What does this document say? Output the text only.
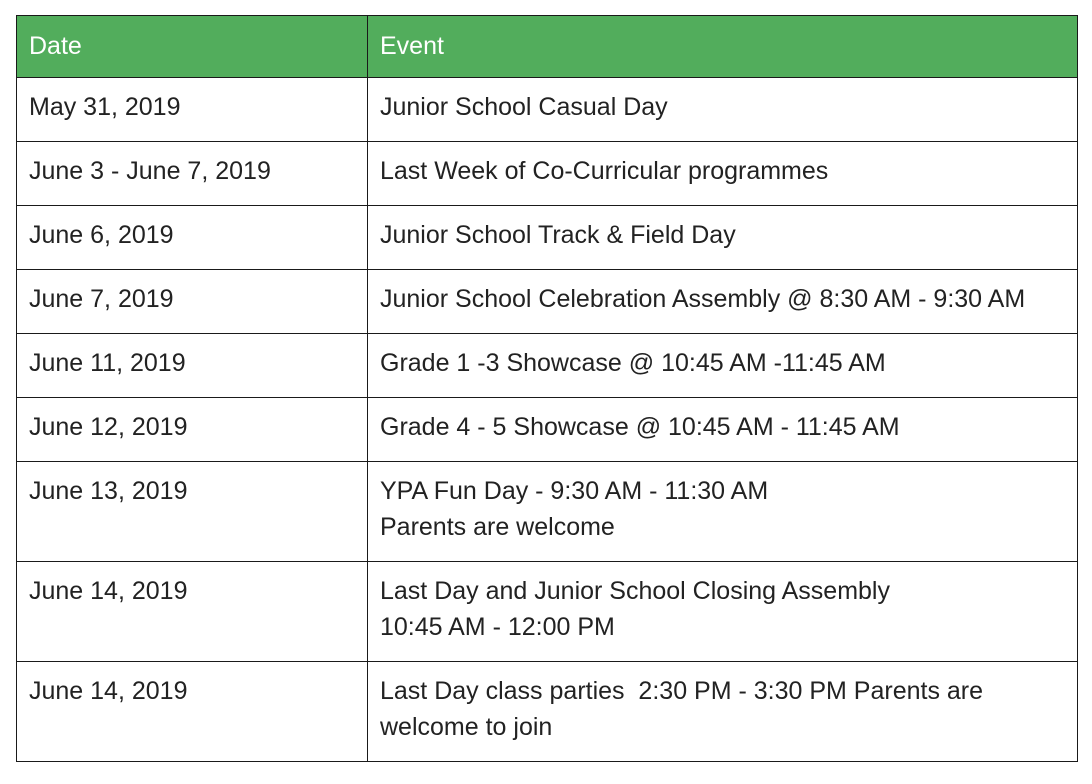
Date	Event
May 31, 2019	Junior School Casual Day

June 3 - June 7, 2019	Last Week of Co-Curricular programmes

June 6, 2019	Junior School Track & Field Day

June 7, 2019	Junior School Celebration Assembly @ 8:30 AM - 9:30 AM

June 11, 2019	Grade 1 -3 Showcase @ 10:45 AM -11:45 AM

June 12, 2019	Grade 4 - 5 Showcase @ 10:45 AM - 11:45 AM

June 13, 2019	YPA Fun Day - 9:30 AM - 11:30 AM
Parents are welcome

June 14, 2019	Last Day and Junior School Closing Assembly
10:45 AM - 12:00 PM

June 14, 2019	Last Day class parties  2:30 PM - 3:30 PM Parents are
welcome to join
